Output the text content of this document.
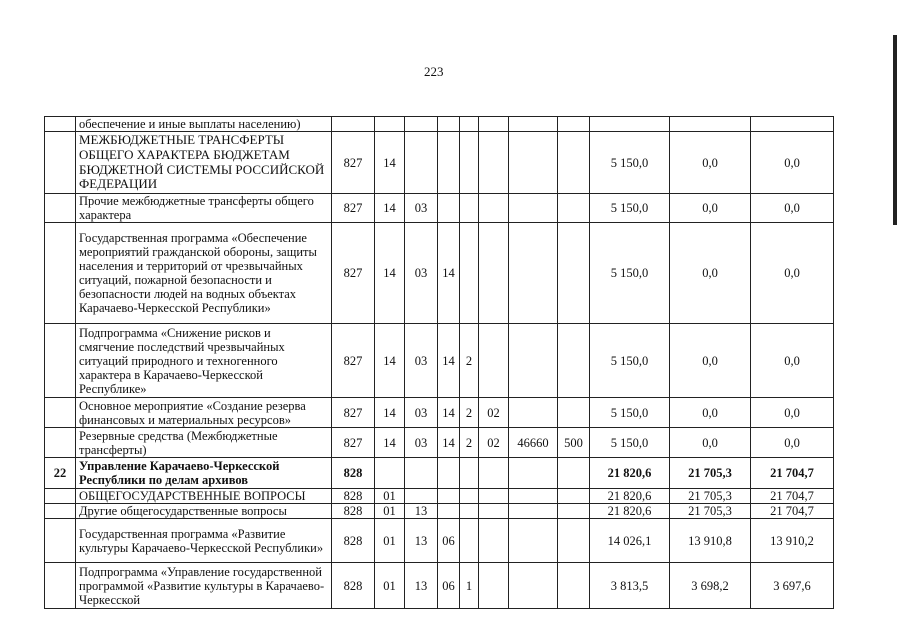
223
	обеспечение и иные выплаты населению)											
	МЕЖБЮДЖЕТНЫЕ ТРАНСФЕРТЫ ОБЩЕГО ХАРАКТЕРА БЮДЖЕТАМ БЮДЖЕТНОЙ СИСТЕМЫ РОССИЙСКОЙ ФЕДЕРАЦИИ	827	14							5 150,0	0,0	0,0
	Прочие межбюджетные трансферты общего характера	827	14	03						5 150,0	0,0	0,0
	Государственная программа «Обеспечение мероприятий гражданской обороны, защиты населения и территорий от чрезвычайных ситуаций, пожарной безопасности и безопасности людей на водных объектах Карачаево-Черкесской Республики»	827	14	03	14					5 150,0	0,0	0,0
	Подпрограмма «Снижение рисков и смягчение последствий чрезвычайных ситуаций природного и техногенного характера в Карачаево-Черкесской Республике»	827	14	03	14	2				5 150,0	0,0	0,0
	Основное мероприятие «Создание резерва финансовых и материальных ресурсов»	827	14	03	14	2	02			5 150,0	0,0	0,0
	Резервные средства (Межбюджетные трансферты)	827	14	03	14	2	02	46660	500	5 150,0	0,0	0,0
22	Управление Карачаево-Черкесской Республики по делам архивов	828								21 820,6	21 705,3	21 704,7
	ОБЩЕГОСУДАРСТВЕННЫЕ ВОПРОСЫ	828	01							21 820,6	21 705,3	21 704,7
	Другие общегосударственные вопросы	828	01	13						21 820,6	21 705,3	21 704,7
	Государственная программа «Развитие культуры Карачаево-Черкесской Республики»	828	01	13	06					14 026,1	13 910,8	13 910,2
	Подпрограмма «Управление государственной программой «Развитие культуры в Карачаево-Черкесской	828	01	13	06	1				3 813,5	3 698,2	3 697,6
